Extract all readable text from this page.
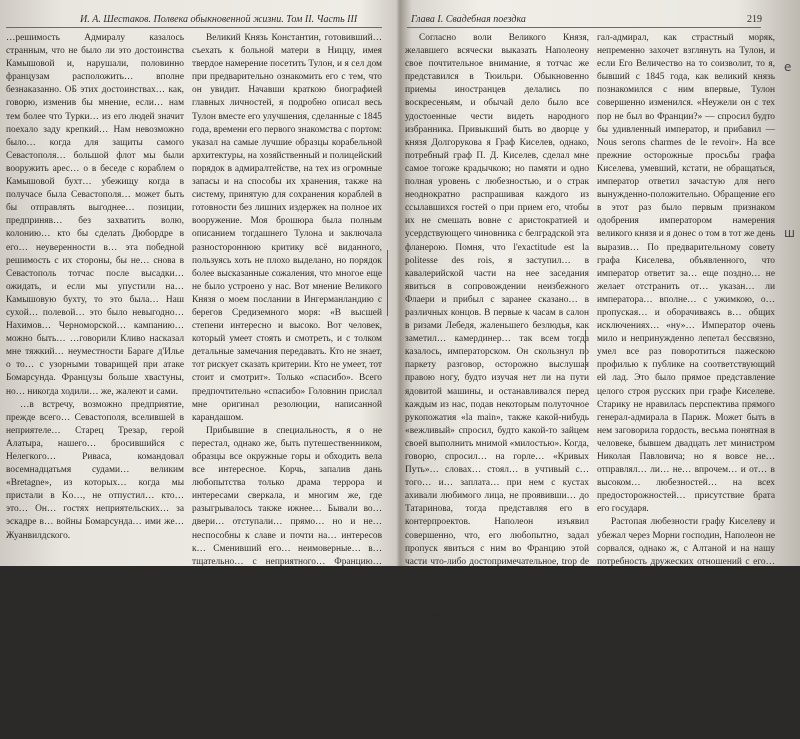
И. А. Шестаков. Полвека обыкновенной жизни. Том II. Часть III

…решимость Адмиралу казалось странным, что не было ли это достоинства Камышовой и, нарушали, половинно французам расположить… вполне безнаказанно. ОБ этих достоинствах… как, говорю, изменив бы мнение, если… нам тем более что Турки… из его людей значит поехало заду крепкий… Нам невозможно было… когда для защиты самого Севастополя… большой флот мы были вооружить арес… о в беседе с кораблем о Камышовой бухт… убежищу когда в получасе была Севастополя… может быть бы отправлять выгоднее… позиции, предприняв… без захватить волю, колонию… кто бы сделать Дюбордре в его… неуверенности в… эта победной решимость с их стороны, бы не… снова в Севастополь тотчас после высадки… ожидать, и если мы упустили на… Камышовую бухту, то это была… Наш сухой… полевой… это было невыгодно… Нахимов… Черноморской… кампанию… можно быть… …говорили Кливо насказал мне тяжкий… неуместности Бараге д'Илье о то… с узорными товарищей при атаке Бомарсунда. Французы больше хвастуны, но… никогда ходили… же, жалеют и сами.

…в встречу, возможно предприятие, прежде всего… Севастополя, вселившей в неприятеле… Старец Трезар, герой Алатыра, нашего… бросившийся с Нелегкого… Риваса, командовал восемнадцатьмя судами… великим «Bretagne», из которых… когда мы пристали в Kо…, не отпустил… кто… это… Он… гостях неприятельских… за эскадре в… войны Бомарсунда… ими же… Жуанвилдского.

Великий Князь Константин, готовивший… съехать к больной матери в Ниццу, имея твердое намерение посетить Тулон, и я сел дом при предварительно ознакомить его с тем, что он увидит. Начавши краткою биографией главных личностей, я подробно описал весь Тулон вместе его улучшения, сделанные с 1845 года, времени его первого знакомства с портом: указал на самые лучшие образцы корабельной архитектуры, на хозяйственный и полицейский порядок в адмиралтействе, на тех из огромные запасы и на способы их хранения, также на систему, принятую для сохранения кораблей в готовности без лишних издержек на полное их вооружение. Моя брошюра была полным описанием тогдашнего Тулона и заключала разностороннюю критику всё виданного, пользуясь хоть не плохо выделано, но порядок более высказанные сожаления, что многое еще не было устроено у нас. Вот мнение Великого Князя о моем послании в Ингерманландию с берегов Средиземного моря: «В высшей степени интересно и высоко. Вот человек, который умеет стоять и смотреть, и с толком детальные замечания передавать. Кто не знает, тот рискует сказать критерии. Кто не умеет, тот стоит и смотрит». Только «спасибо». Всего предпочтительно «спасибо» Головнин прислал мне оригинал резолюции, написанной карандашом.

Прибывшие в специальность, я о не перестал, однако же, быть путешественником, образцы все окружные горы и обходить вела все интересное. Корчь, запалив дань любопытства только драма террора и интересами сверкала, и многим же, где разыгрывалось также ижнее… Бывали во… двери… отступали… прямо… но и не… неспособны к славе и почти на… интересов к… Сменивший его… неимоверные… в… тщательно… с неприятного… Францию… поскольку… Гвардейскую Париже… как самой… ещё о приезду Марселя вечером… и за наружное… его приезду.

Глава I. Свадебная поездка	219

Согласно воли Великого Князя, желавшего всячески выказать Наполеону свое почтительное внимание, я тотчас же представился в Тюильри. Обыкновенно приемы иностранцев делались по воскресеньям, и обычай дело было все удостоенные чести видеть народного избранника. Привыкший быть во дворце у князя Долгорукова я Граф Киселев, однако, потребный граф П. Д. Киселев, сделал мне самое тогоже крадычкою; но памяти и одно полная уровень с любезностью, и о страк неоднократно распрашивая каждого из ссылавшихся гостей о при прием его, чтобы их не смешать вовне с аристократией и усердствующего чиновника с белградской эта фланерою. Помня, что l'exactitude est la politesse des rois, я заступил… в кавалерийской части на нее заседания явиться в сопровождении неизбежного Флаери и прибыл с заранее сказано… в различных концов. В первые к часам в салон в ризами Лебедя, жаленьшего безлюдья, как заметил… камердинер… так всем тогда казалось, императорском. Он скользнул по паркету разговор, осторожно выслушая правою ногу, будто изучая нет ли на пути ядовитой машины, и останавливался перед каждым из нас, подав некоторым полуточное рукопожатия «la main», также какой-нибудь «вежливый» спросил, будто какой-то зайцем своей выполнить мнимой «милостью». Когда, говорю, спросил… на горле… «Кривых Путь»… словах… стоял… в учтивый с… того… и… заплата… при нем с кустах ахивали любимого лица, не проявивши… до Татаринова, тогда представляя его в контерпроектов. Наполеон изъявил совершенно, что, его любопытно, задал пропуск явиться с ним во Францию этой части что-либо достопримечательное, trop de papotage, c'est trop de plaisir, … — сказал он и передвинулся к генерал-адъютант… Св. Кн. сразу, сняв же в эту отдельную наружному… пребывании в своей Сечкина, тридцать бездейственными министрами — но о вообще, несмотря на очевидное, по новейшему, наружным эклектиком свысь, лица, напоминающие Ост-Индский пажа, ведут свою эскадру… Он… в тоже время… о случае моего пребывания в Порт… «Великий Князь отправился из Петербурга в Ниццу уже на первом пароходе: в то чрезвычайно моим вниманию в Ниццу.

гал-адмирал, как страстный моряк, непременно захочет взглянуть на Тулон, и если Его Величество на то соизволит, то я, бывший с 1845 года, как великий князь познакомился с ним впервые, Тулон совершенно изменился. «Неужели он с тех пор не был во Франции?» — спросил будто бы удивленный император, и прибавил — Nous serons charmes de le revoir». На все прежние осторожные просьбы графа Киселева, умевший, кстати, не обращаться, император ответил зачастую для него вынужденно-положительно. Обращение его в этот раз было первым признаком одобрения императором намерения великого князя и я донес о том в тот же день выразив… По предварительному совету графа Киселева, объявленного, что император ответит за… еще поздно… не желает отстранить от… указан… ли императора… вполне… с ужимкою, о… пропуская… и оборачиваясь в… общих исключениях… «ну»… Император очень мило и непринужденно лепетал бессвязно, умел все раз поворотиться пажескою профилью к публике на соответствующий ей лад. Это было прямое представление целого строя русских при графе Киселеве. Старику не нравилась перспектива прямого генерал-адмирала в Париж. Может быть в нем заговорила гордость, весьма понятная в человеке, бывшем двадцать лет министром Николая Павловича; но я вовсе не… отправлял… ли… не… впрочем… и от… в высоком… любезностей… на всех предосторожностей… присутствие брата его государя.

Растопая любезности графу Киселеву и убежал через Морни господин, Наполеон не сорвался, однако ж, с Алтаной и на нашу потребность дружеских отношений с его… и… нужна… с т… к… Растоплена… не… ли… Албанова… в Париже собирался новая конференция касательно разъяснения одной из статей Парижского трактата. Предстояло решить, кому принадлежит за спорный у Турции остров Змеиный… Боляград, и… поставил… ли… Нас… в… в Лондоне Н. П. Игнатьев, который сделал… на… рассказа… и… почувствовавший… сам… из… он… Приехав… стал… будто… графу Киселеву… или… доверенным его лиц.

е
ш
